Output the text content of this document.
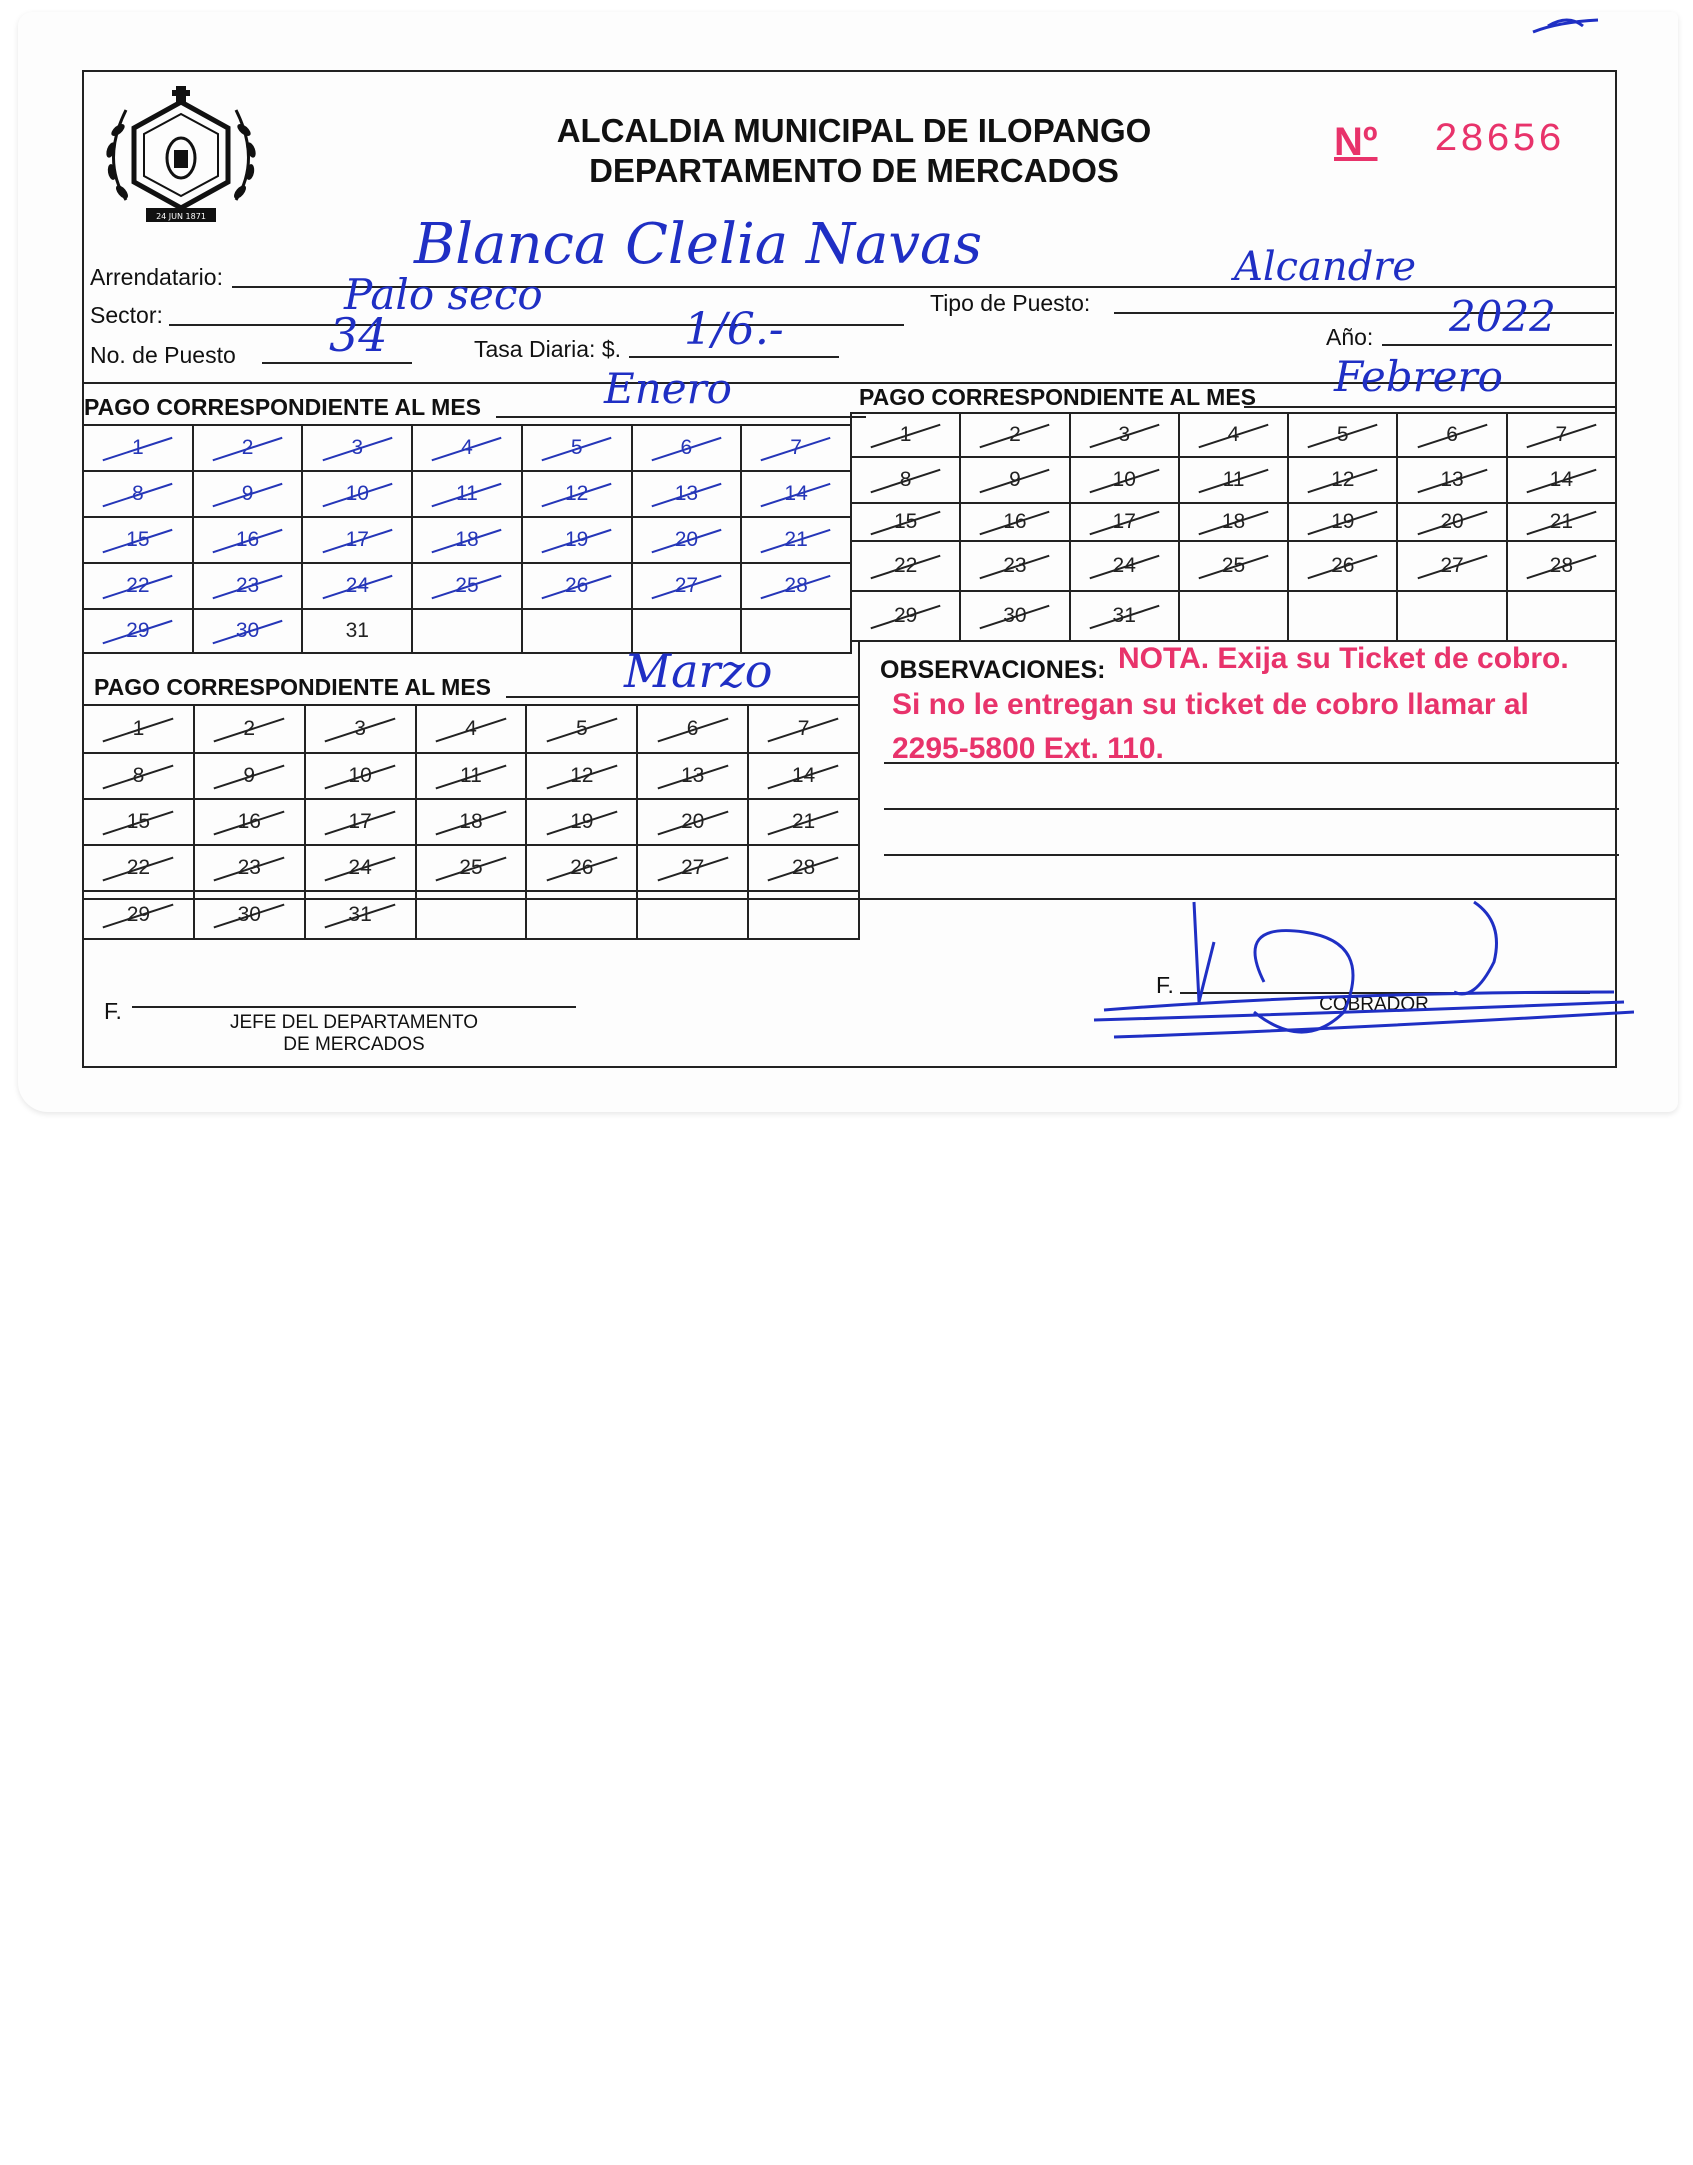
24 JUN 1871
ALCALDIA MUNICIPAL DE ILOPANGO
DEPARTAMENTO DE MERCADOS
Nº 28656
Arrendatario:	Blanca Clelia Navas
Sector:	Palo seco	Tipo de Puesto:
Alcandre
No. de Puesto 34	Tasa Diaria: $. 1/6.-	Año: 2022
PAGO CORRESPONDIENTE AL MES	Enero	PAGO CORRESPONDIENTE AL MES Febrero
1	2	3	4	5	6	7
8	9	10	11	12	13	14
15	16	17	18	19	20	21
22	23	24	25	26	27	28
29	30	31				
1	2	3	4	5	6	7
8	9	10	11	12	13	14
15	16	17	18	19	20	21
22	23	24	25	26	27	28
29	30	31				
PAGO CORRESPONDIENTE AL MES	Marzo
1	2	3	4	5	6	7
8	9	10	11	12	13	14
15	16	17	18	19	20	21
22	23	24	25	26	27	28
29	30	31				
OBSERVACIONES: NOTA. Exija su Ticket de cobro.
Si no le entregan su ticket de cobro llamar al
2295-5800 Ext. 110.
F.	JEFE DEL DEPARTAMENTO
DE MERCADOS
F.
COBRADOR
